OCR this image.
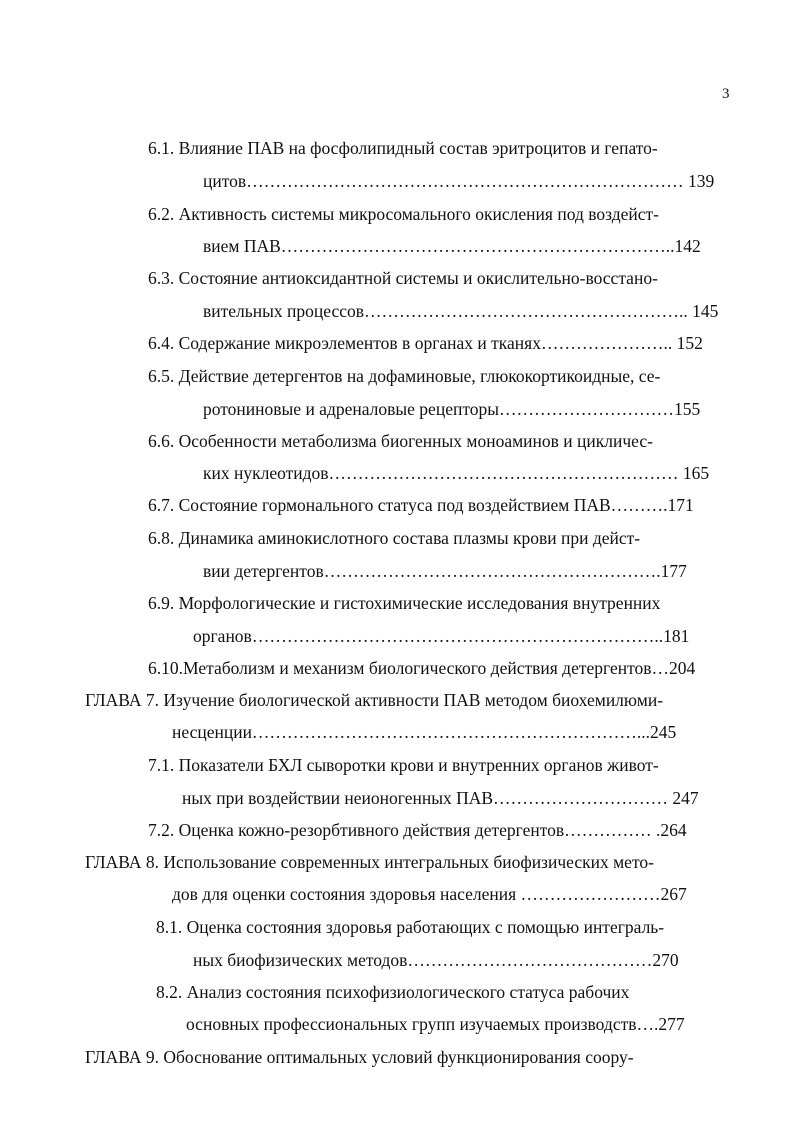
3
6.1. Влияние ПАВ на фосфолипидный состав эритроцитов и гепато-
цитов………………………………………………………………… 139
6.2. Активность системы микросомального окисления под воздейст-
вием ПАВ…………………………………………………………..142
6.3. Состояние антиоксидантной системы и окислительно-восстано-
вительных процессов……………………………………………….. 145
6.4. Содержание микроэлементов в органах и тканях………………….. 152
6.5. Действие детергентов на дофаминовые, глюкокортикоидные, се-
ротониновые и адреналовые рецепторы…………………………155
6.6. Особенности метаболизма биогенных моноаминов и цикличес-
ких нуклеотидов…………………………………………………… 165
6.7. Состояние гормонального статуса под воздействием ПАВ……….171
6.8. Динамика аминокислотного состава плазмы крови при дейст-
вии детергентов………………………………………………….177
6.9. Морфологические и гистохимические исследования внутренних
органов……………………………………………………………..181
6.10.Метаболизм и механизм биологического действия детергентов…204
ГЛАВА 7. Изучение биологической активности ПАВ методом биохемилюми-
несценции…………………………………………………………...245
7.1. Показатели БХЛ сыворотки крови и внутренних органов живот-
ных при воздействии неионогенных ПАВ………………………… 247
7.2. Оценка кожно-резорбтивного действия детергентов…………… .264
ГЛАВА 8. Использование современных интегральных биофизических мето-
дов для оценки состояния здоровья населения ……………………267
8.1. Оценка состояния здоровья работающих с помощью интеграль-
ных биофизических методов……………………………………270
8.2. Анализ состояния психофизиологического статуса рабочих
основных профессиональных групп изучаемых производств….277
ГЛАВА 9. Обоснование оптимальных условий функционирования соору-
